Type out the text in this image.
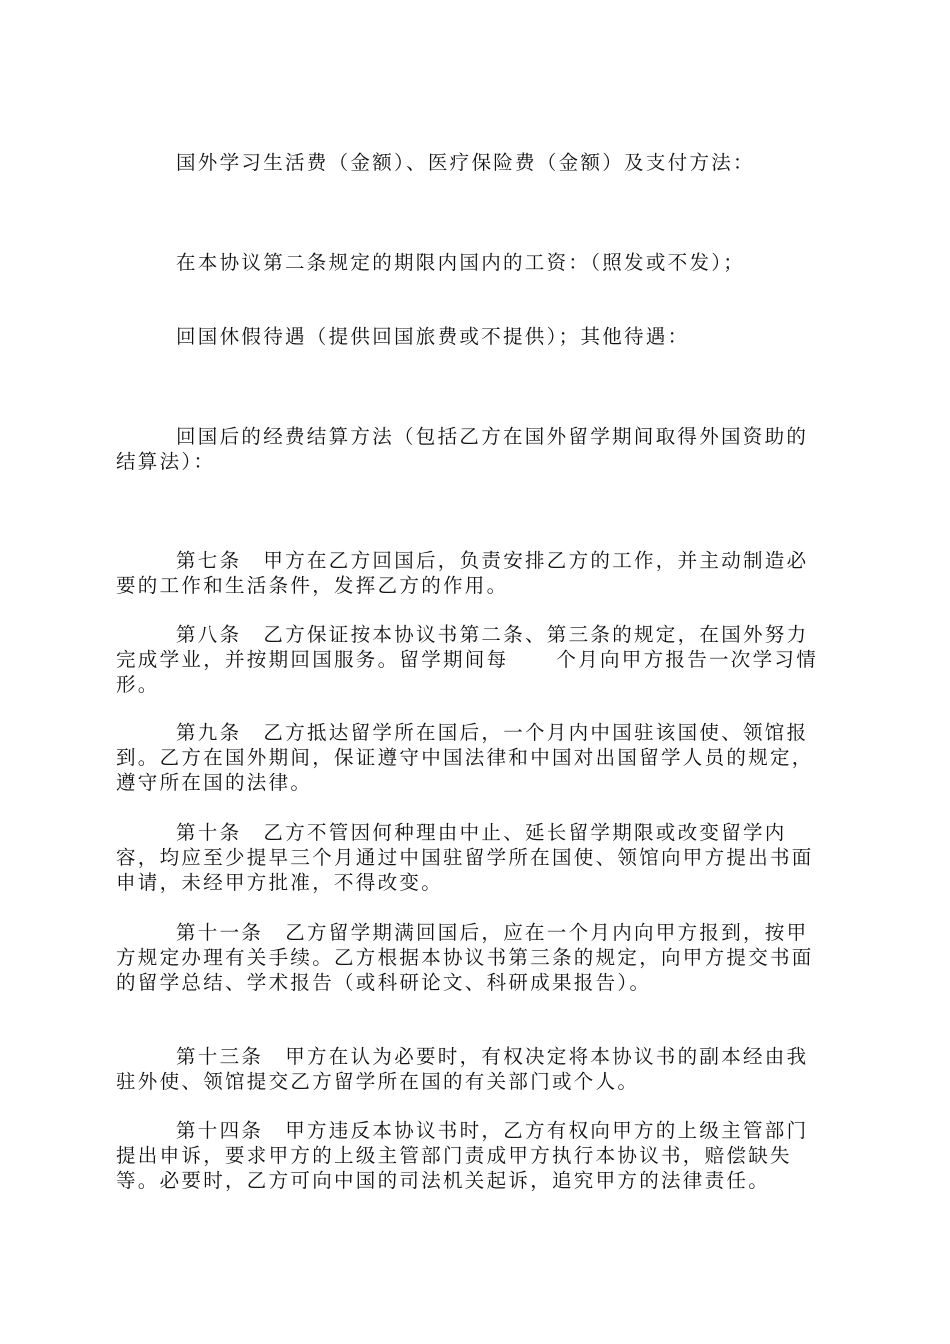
国外学习生活费（金额）、医疗保险费（金额）及支付方法：

在本协议第二条规定的期限内国内的工资：（照发或不发）；

回国休假待遇（提供回国旅费或不提供）；其他待遇：

回国后的经费结算方法（包括乙方在国外留学期间取得外国资助的
结算法）：

第七条 甲方在乙方回国后，负责安排乙方的工作，并主动制造必
要的工作和生活条件，发挥乙方的作用。

第八条 乙方保证按本协议书第二条、第三条的规定，在国外努力
完成学业，并按期回国服务。留学期间每 个月向甲方报告一次学习情
形。

第九条 乙方抵达留学所在国后，一个月内中国驻该国使、领馆报
到。乙方在国外期间，保证遵守中国法律和中国对出国留学人员的规定，
遵守所在国的法律。

第十条 乙方不管因何种理由中止、延长留学期限或改变留学内
容，均应至少提早三个月通过中国驻留学所在国使、领馆向甲方提出书面
申请，未经甲方批准，不得改变。

第十一条 乙方留学期满回国后，应在一个月内向甲方报到，按甲
方规定办理有关手续。乙方根据本协议书第三条的规定，向甲方提交书面
的留学总结、学术报告（或科研论文、科研成果报告）。

第十三条 甲方在认为必要时，有权决定将本协议书的副本经由我
驻外使、领馆提交乙方留学所在国的有关部门或个人。

第十四条 甲方违反本协议书时，乙方有权向甲方的上级主管部门
提出申诉，要求甲方的上级主管部门责成甲方执行本协议书，赔偿缺失
等。必要时，乙方可向中国的司法机关起诉，追究甲方的法律责任。
